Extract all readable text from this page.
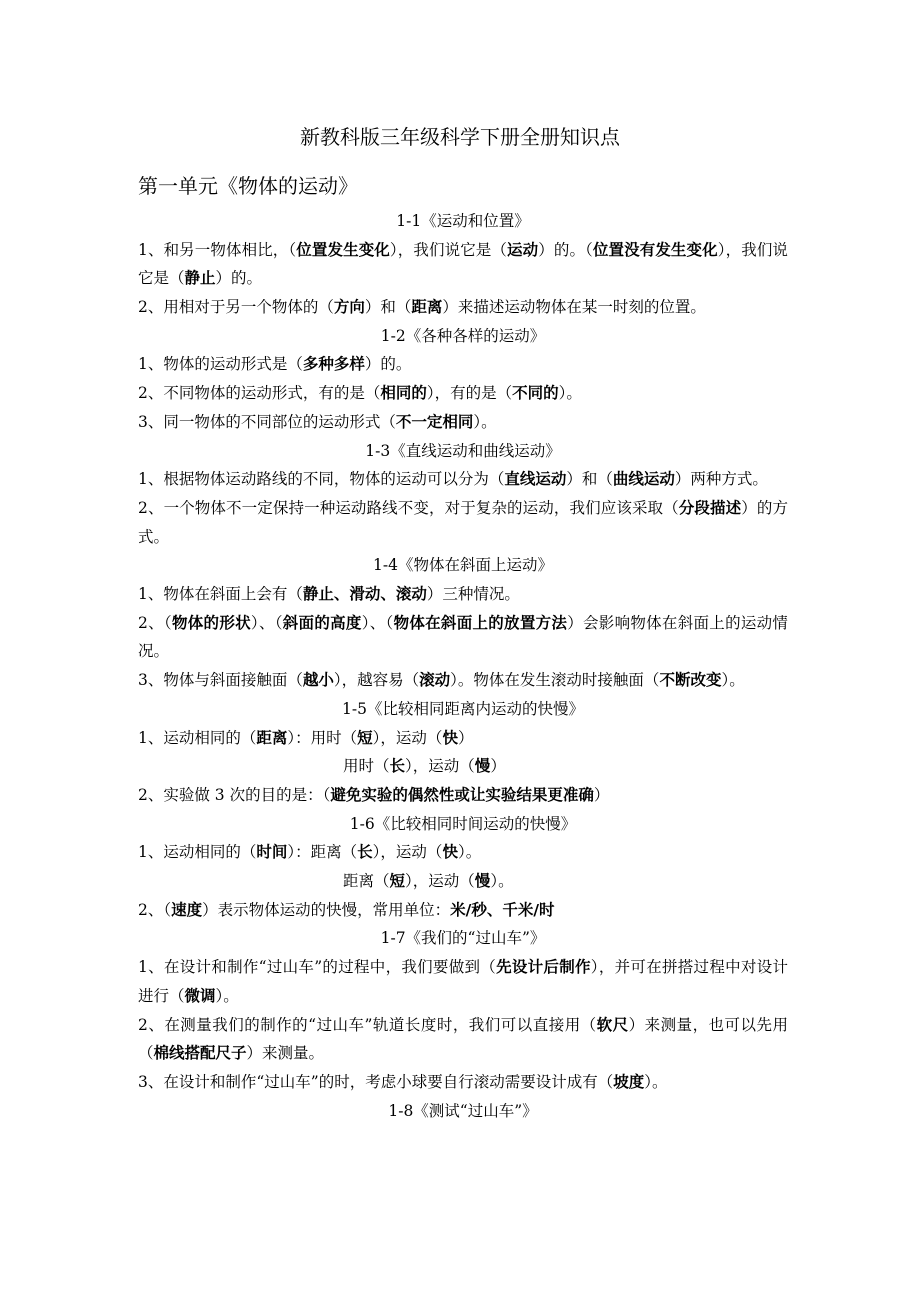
新教科版三年级科学下册全册知识点
第一单元《物体的运动》
1-1《运动和位置》

1、和另一物体相比，（位置发生变化），我们说它是（运动）的。（位置没有发生变化），我们说它是（静止）的。

2、用相对于另一个物体的（方向）和（距离）来描述运动物体在某一时刻的位置。

1-2《各种各样的运动》

1、物体的运动形式是（多种多样）的。

2、不同物体的运动形式，有的是（相同的），有的是（不同的）。

3、同一物体的不同部位的运动形式（不一定相同）。

1-3《直线运动和曲线运动》

1、根据物体运动路线的不同，物体的运动可以分为（直线运动）和（曲线运动）两种方式。

2、一个物体不一定保持一种运动路线不变，对于复杂的运动，我们应该采取（分段描述）的方式。

1-4《物体在斜面上运动》

1、物体在斜面上会有（静止、滑动、滚动）三种情况。

2、（物体的形状）、（斜面的高度）、（物体在斜面上的放置方法）会影响物体在斜面上的运动情况。

3、物体与斜面接触面（越小），越容易（滚动）。物体在发生滚动时接触面（不断改变）。

1-5《比较相同距离内运动的快慢》

1、运动相同的（距离）：用时（短），运动（快）

用时（长），运动（慢）

2、实验做 3 次的目的是：（避免实验的偶然性或让实验结果更准确）

1-6《比较相同时间运动的快慢》

1、运动相同的（时间）：距离（长），运动（快）。

距离（短），运动（慢）。

2、（速度）表示物体运动的快慢，常用单位：米/秒、千米/时

1-7《我们的“过山车”》

1、在设计和制作“过山车”的过程中，我们要做到（先设计后制作），并可在拼搭过程中对设计进行（微调）。

2、在测量我们的制作的“过山车”轨道长度时，我们可以直接用（软尺）来测量，也可以先用（棉线搭配尺子）来测量。

3、在设计和制作“过山车”的时，考虑小球要自行滚动需要设计成有（坡度）。

1-8《测试“过山车”》
